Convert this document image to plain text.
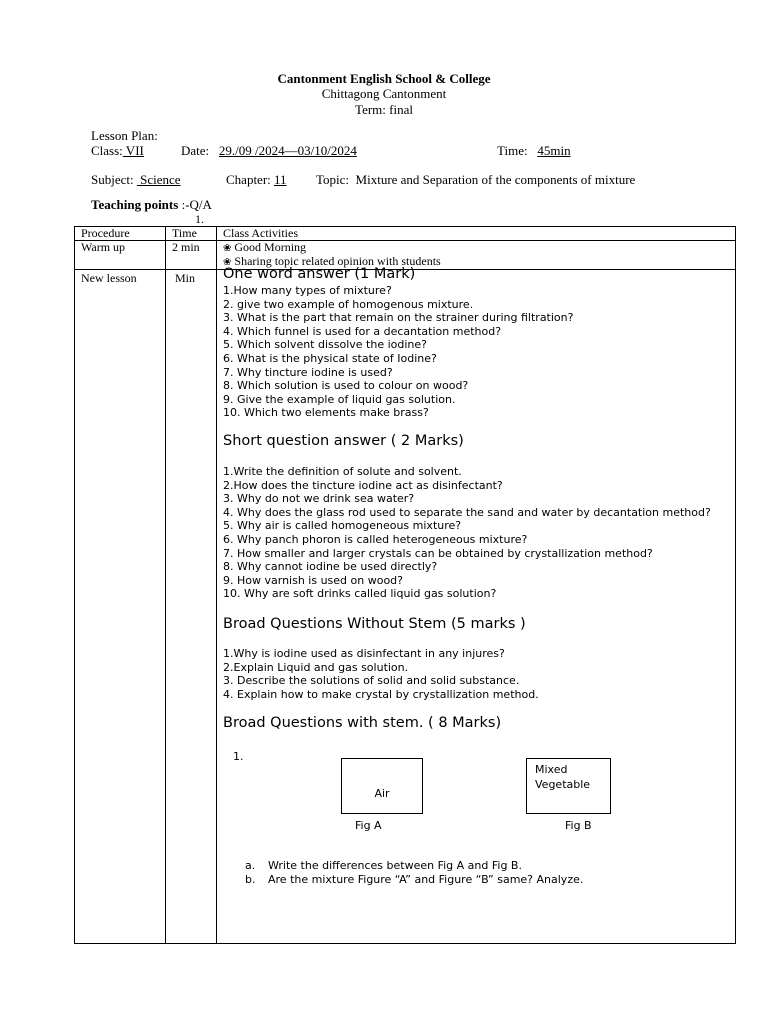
Cantonment English School & College
Chittagong Cantonment
Term: final
Lesson Plan:
Class: VII	Date: 29./09 /2024—03/10/2024	Time: 45min
Subject:  Science	Chapter: 11 Topic: Mixture and Separation of the components of mixture
Teaching points :-Q/A
1.
Procedure	Time	Class Activities
Warm up	2 min	❀ Good Morning
❀ Sharing topic related opinion with students

New lesson	Min	One word answer (1 Mark)
1.How many types of mixture?
2. give two example of homogenous mixture.
3. What is the part that remain on the strainer during filtration?
4. Which funnel is used for a decantation method?
5. Which solvent dissolve the iodine?
6. What is the physical state of Iodine?
7. Why tincture iodine is used?
8. Which solution is used to colour on wood?
9. Give the example of liquid gas solution.
10. Which two elements make brass?
Short question answer ( 2 Marks)
1.Write the definition of solute and solvent.
2.How does the tincture iodine act as disinfectant?
3. Why do not we drink sea water?
4. Why does the glass rod used to separate the sand and water by decantation method?
5. Why air is called homogeneous mixture?
6. Why panch phoron is called heterogeneous mixture?
7. How smaller and larger crystals can be obtained by crystallization method?
8. Why cannot iodine be used directly?
9. How varnish is used on wood?
10. Why are soft drinks called liquid gas solution?
Broad Questions Without Stem (5 marks )
1.Why is iodine used as disinfectant in any injures?
2.Explain Liquid and gas solution.
3. Describe the solutions of solid and solid substance.
4. Explain how to make crystal by crystallization method.
Broad Questions with stem. ( 8 Marks)
1.
Air
Fig A
Mixed
Vegetable
Fig B
a. Write the differences between Fig A and Fig B.
b. Are the mixture Figure “A” and Figure “B” same? Analyze.
